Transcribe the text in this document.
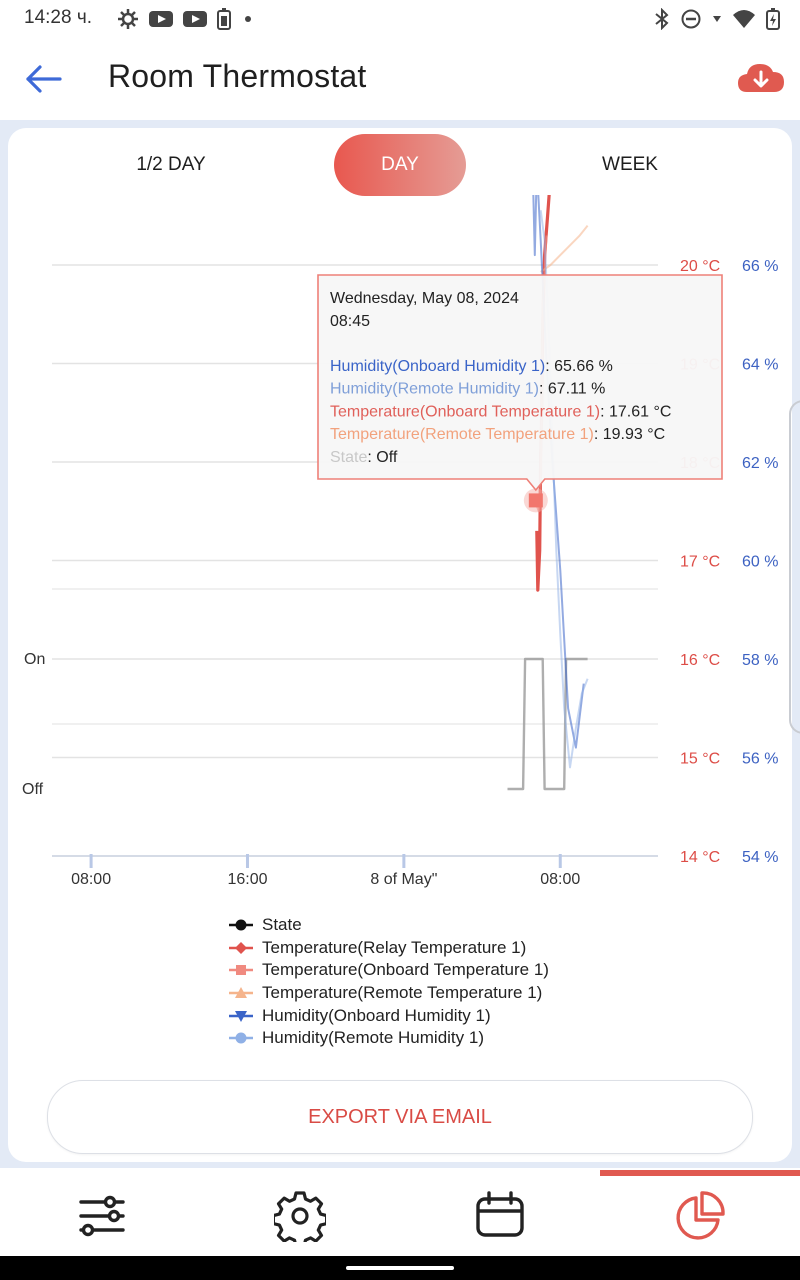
14:28 ч.
Room Thermostat
1/2 DAY	DAY	WEEK
On
Off
20 °C
17 °C
16 °C
15 °C
14 °C
66 %
64 %
62 %
60 %
58 %
56 %
54 %
08:00	16:00	8 of May"	08:00
Wednesday, May 08, 2024
08:45
Humidity(Onboard Humidity 1): 65.66 %
Humidity(Remote Humidity 1): 67.11 %
Temperature(Onboard Temperature 1): 17.61 °C
Temperature(Remote Temperature 1): 19.93 °C
State: Off
State
Temperature(Relay Temperature 1)
Temperature(Onboard Temperature 1)
Temperature(Remote Temperature 1)
Humidity(Onboard Humidity 1)
Humidity(Remote Humidity 1)
EXPORT VIA EMAIL
